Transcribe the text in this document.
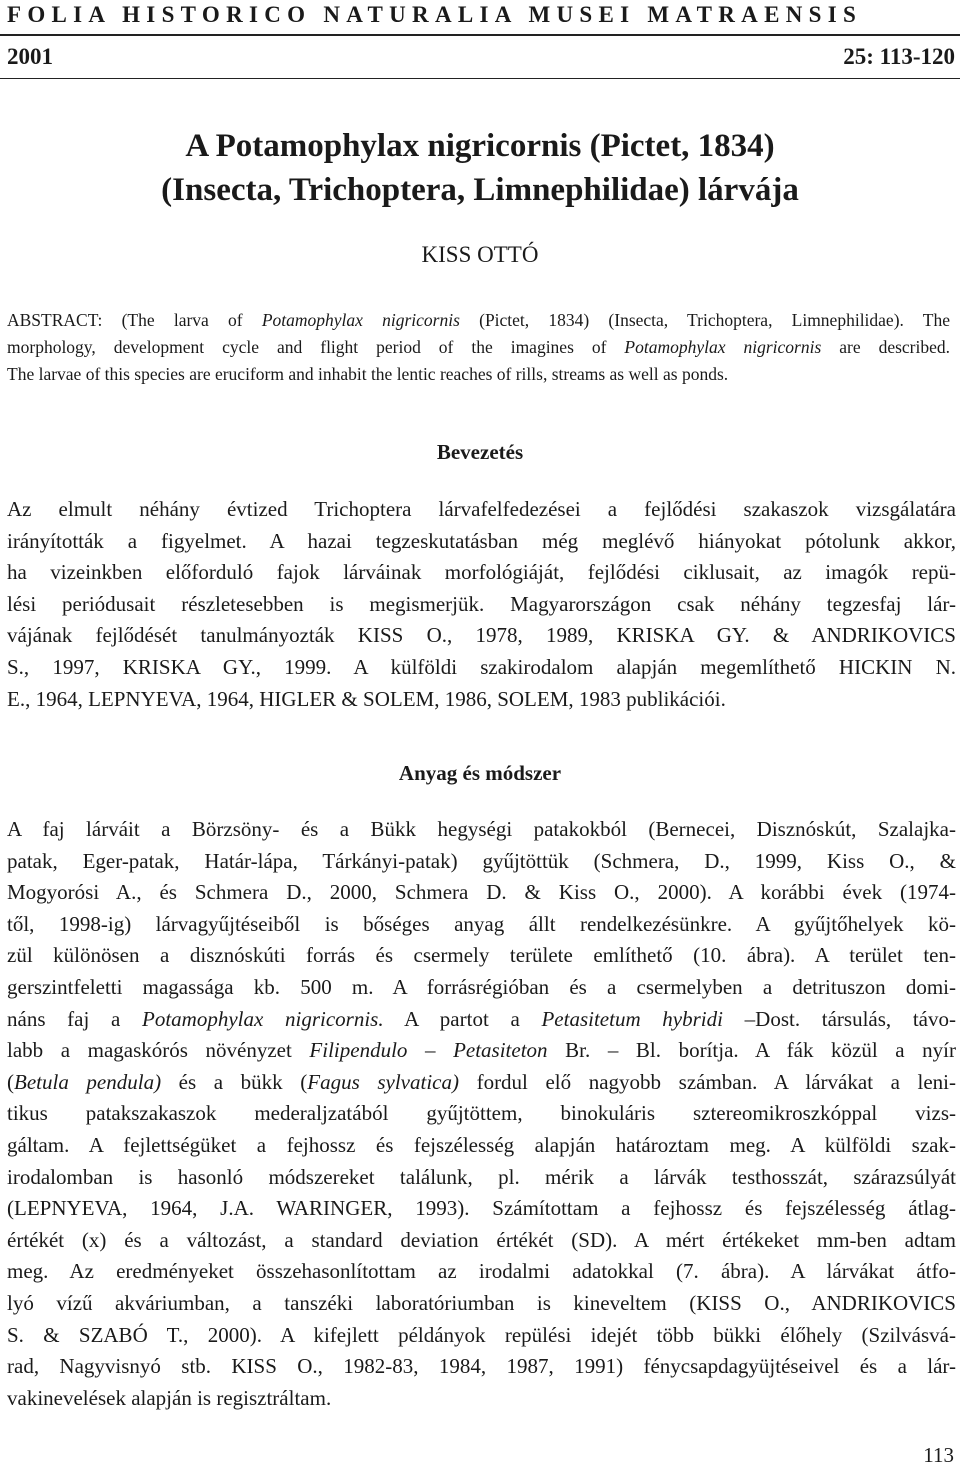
FOLIA HISTORICO NATURALIA MUSEI MATRAENSIS
2001	25: 113-120
A Potamophylax nigricornis (Pictet, 1834)
(Insecta, Trichoptera, Limnephilidae) lárvája
KISS OTTÓ
ABSTRACT: (The larva of Potamophylax nigricornis (Pictet, 1834) (Insecta, Trichoptera, Limnephilidae). The
morphology, development cycle and flight period of the imagines of Potamophylax nigricornis are described.
The larvae of this species are eruciform and inhabit the lentic reaches of rills, streams as well as ponds.
Bevezetés
Az elmult néhány évtized Trichoptera lárvafelfedezései a fejlődési szakaszok vizsgálatára
irányították a figyelmet. A hazai tegzeskutatásban még meglévő hiányokat pótolunk akkor,
ha vizeinkben előforduló fajok lárváinak morfológiáját, fejlődési ciklusait, az imagók repü-
lési periódusait részletesebben is megismerjük. Magyarországon csak néhány tegzesfaj lár-
vájának fejlődését tanulmányozták KISS O., 1978, 1989, KRISKA GY. & ANDRIKOVICS
S., 1997, KRISKA GY., 1999. A külföldi szakirodalom alapján megemlíthető HICKIN N.
E., 1964, LEPNYEVA, 1964, HIGLER & SOLEM, 1986, SOLEM, 1983 publikációi.
Anyag és módszer
A faj lárváit a Börzsöny- és a Bükk hegységi patakokból (Bernecei, Disznóskút, Szalajka-
patak, Eger-patak, Határ-lápa, Tárkányi-patak) gyűjtöttük (Schmera, D., 1999, Kiss O., &
Mogyorósi A., és Schmera D., 2000, Schmera D. & Kiss O., 2000). A korábbi évek (1974-
től, 1998-ig) lárvagyűjtéseiből is bőséges anyag állt rendelkezésünkre. A gyűjtőhelyek kö-
zül különösen a disznóskúti forrás és csermely területe említhető (10. ábra). A terület ten-
gerszintfeletti magassága kb. 500 m. A forrásrégióban és a csermelyben a detrituszon domi-
náns faj a Potamophylax nigricornis. A partot a Petasitetum hybridi –Dost. társulás, távo-
labb a magaskórós növényzet Filipendulo – Petasiteton Br. – Bl. borítja. A fák közül a nyír
(Betula pendula) és a bükk (Fagus sylvatica) fordul elő nagyobb számban. A lárvákat a leni-
tikus patakszakaszok mederaljzatából gyűjtöttem, binokuláris sztereomikroszkóppal vizs-
gáltam. A fejlettségüket a fejhossz és fejszélesség alapján határoztam meg. A külföldi szak-
irodalomban is hasonló módszereket találunk, pl. mérik a lárvák testhosszát, szárazsúlyát
(LEPNYEVA, 1964, J.A. WARINGER, 1993). Számítottam a fejhossz és fejszélesség átlag-
értékét (x) és a változást, a standard deviation értékét (SD). A mért értékeket mm-ben adtam
meg. Az eredményeket összehasonlítottam az irodalmi adatokkal (7. ábra). A lárvákat átfo-
lyó vízű akváriumban, a tanszéki laboratóriumban is kineveltem (KISS O., ANDRIKOVICS
S. & SZABÓ T., 2000). A kifejlett példányok repülési idejét több bükki élőhely (Szilvásvá-
rad, Nagyvisnyó stb. KISS O., 1982-83, 1984, 1987, 1991) fénycsapdagyüjtéseivel és a lár-
vakinevelések alapján is regisztráltam.
113
